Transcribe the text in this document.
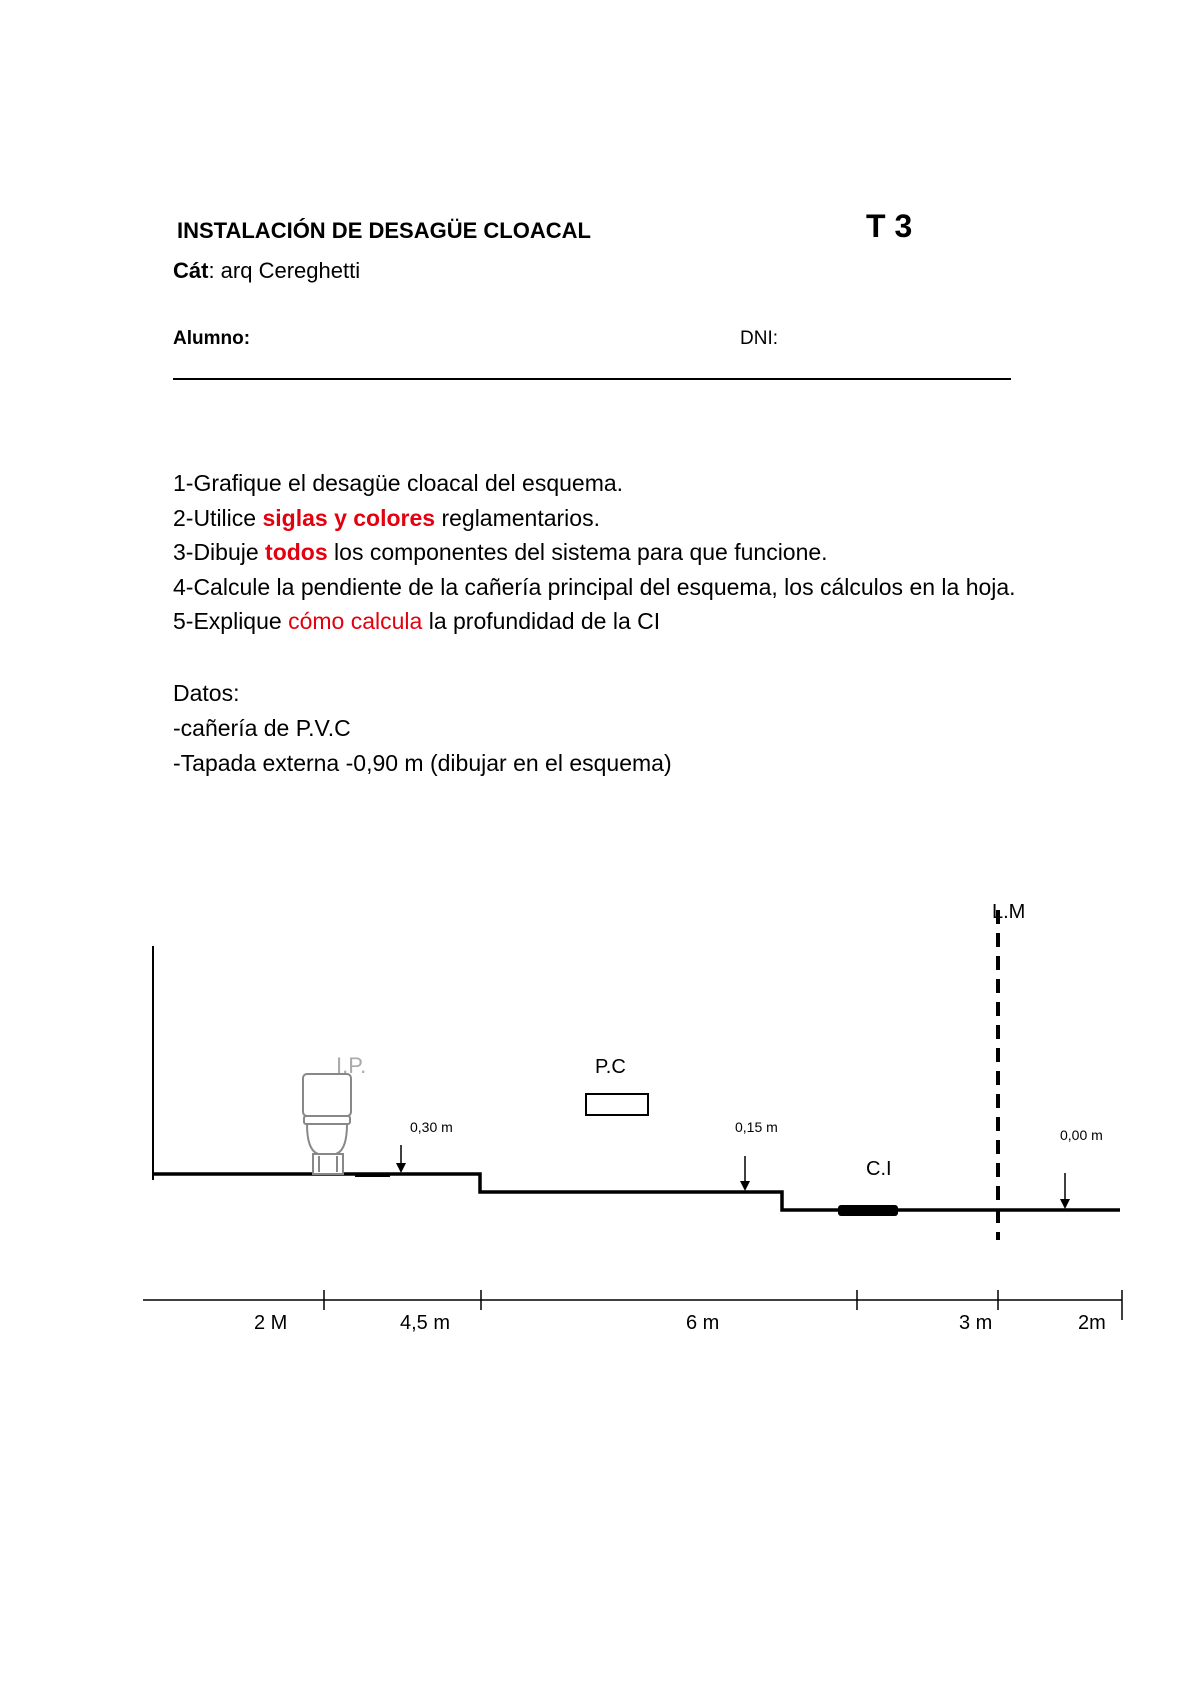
INSTALACIÓN DE DESAGÜE CLOACAL	T 3
Cát: arq Cereghetti
Alumno:	DNI:
1-Grafique el desagüe cloacal del esquema.
2-Utilice siglas y colores reglamentarios.
3-Dibuje todos los componentes del sistema para que funcione.
4-Calcule la pendiente de la cañería principal del esquema, los cálculos en la hoja.
5-Explique cómo calcula la profundidad de la CI
Datos:
-cañería de P.V.C
-Tapada externa -0,90 m (dibujar en el esquema)
I.P.
0,30 m
P.C
0,15 m
C.I
L.M
0,00 m
2 M	4,5 m	6 m	3 m	2m
